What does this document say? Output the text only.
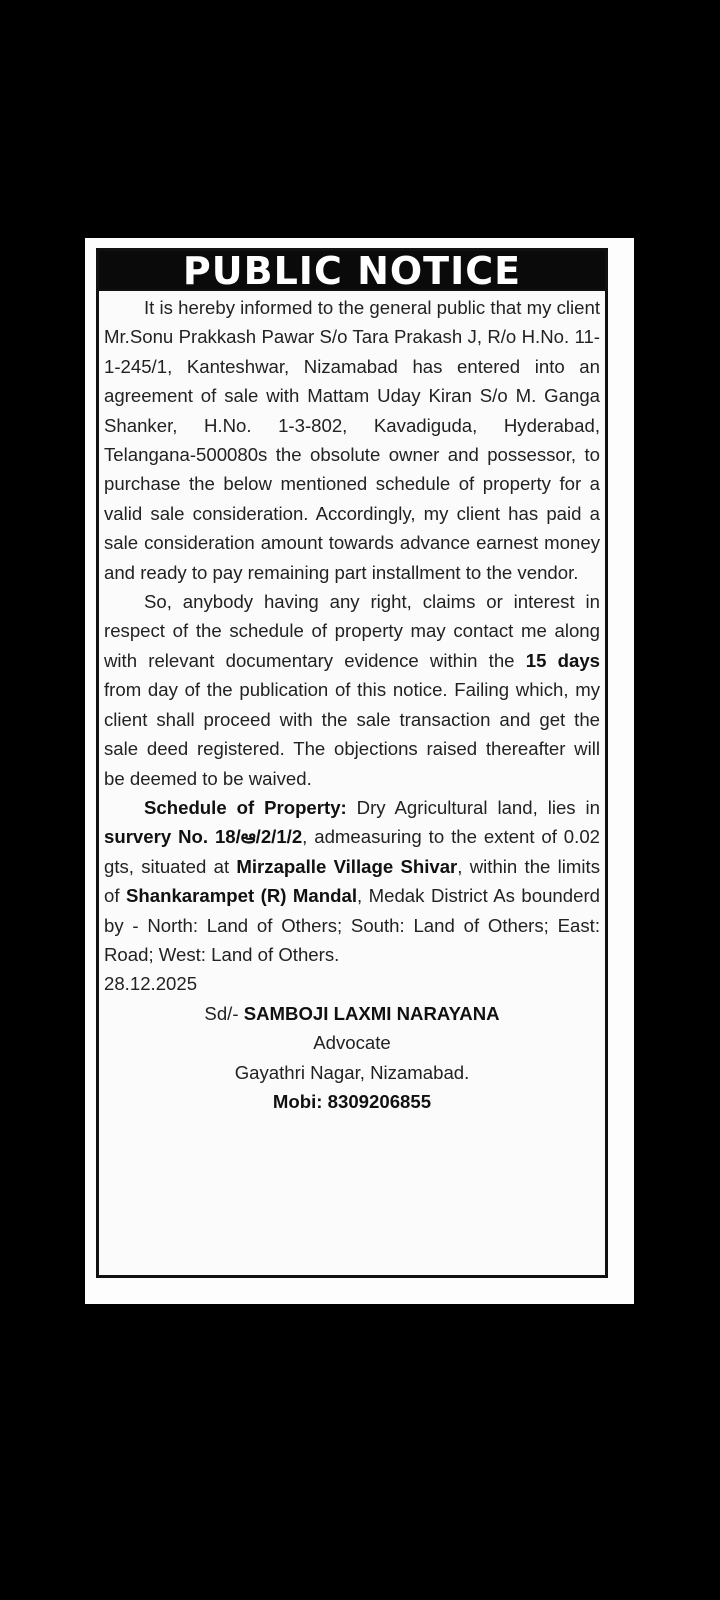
PUBLIC NOTICE

It is hereby informed to the general public that my client Mr.Sonu Prakkash Pawar S/o Tara Prakash J, R/o H.No. 11-1-245/1, Kanteshwar, Nizamabad has entered into an agreement of sale with Mattam Uday Kiran S/o M. Ganga Shanker, H.No. 1-3-802, Kavadiguda, Hyderabad, Telangana-500080s the obsolute owner and possessor, to purchase the below mentioned schedule of property for a valid sale consideration. Accordingly, my client has paid a sale consideration amount towards advance earnest money and ready to pay remaining part installment to the vendor.

So, anybody having any right, claims or interest in respect of the schedule of property may contact me along with relevant documentary evidence within the 15 days from day of the publication of this notice. Failing which, my client shall proceed with the sale transaction and get the sale deed registered. The objections raised thereafter will be deemed to be waived.

Schedule of Property: Dry Agricultural land, lies in survery No. 18/ఆ/2/1/2, admeasuring to the extent of 0.02 gts, situated at Mirzapalle Village Shivar, within the limits of Shankarampet (R) Mandal, Medak District As bounderd by - North: Land of Others; South: Land of Others; East: Road; West: Land of Others.

28.12.2025

Sd/- SAMBOJI LAXMI NARAYANA

Advocate

Gayathri Nagar, Nizamabad.

Mobi: 8309206855
